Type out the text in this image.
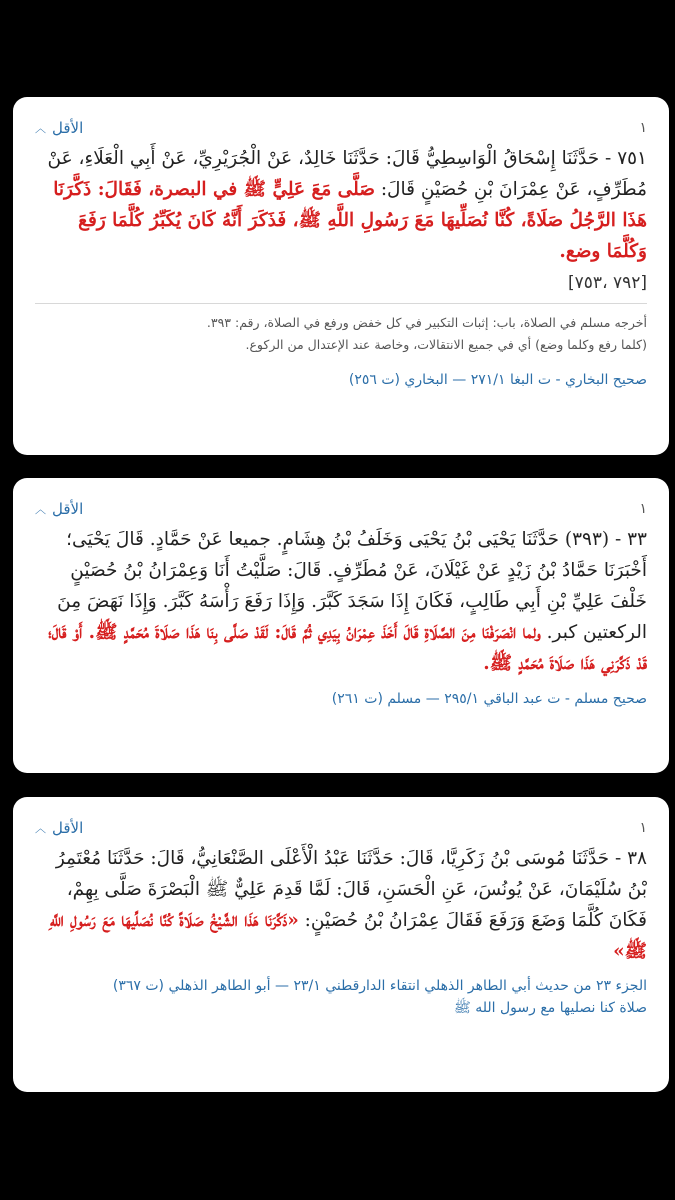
١
الأقل
︿

٧٥١ - حَدَّثَنَا إِسْحَاقُ الْوَاسِطِيُّ قَالَ: حَدَّثَنَا خَالِدٌ، عَنْ الْجُرَيْرِيِّ، عَنْ أَبِي الْعَلَاءِ، عَنْ مُطَرِّفٍ، عَنْ عِمْرَانَ بْنِ حُصَيْنٍ قَالَ: صَلَّى مَعَ عَلِيٍّ ﷺ في البصرة، فَقَالَ: ذَكَّرَنَا هَذَا الرَّجُلُ صَلَاةً، كُنَّا نُصَلِّيهَا مَعَ رَسُولِ اللَّهِ ﷺ، فَذَكَرَ أَنَّهُ كَانَ يُكَبِّرُ كُلَّمَا رَفَعَ وَكُلَّمَا وضع.

[٧٩٢ ،٧٥٣]
أخرجه مسلم في الصلاة، باب: إثبات التكبير في كل خفض ورفع في الصلاة، رقم: ٣٩٣.
(كلما رفع وكلما وضع) أي في جميع الانتقالات، وخاصة عند الإعتدال من الركوع.
صحيح البخاري - ت البغا ٢٧١/١ — البخاري (ت ٢٥٦)
١
الأقل
︿

٣٣ - (٣٩٣) حَدَّثَنَا يَحْيَى بْنُ يَحْيَى وَخَلَفُ بْنُ هِشَامٍ. جميعا عَنْ حَمَّادٍ. قَالَ يَحْيَى؛ أَخْبَرَنَا حَمَّادُ بْنُ زَيْدٍ عَنْ غَيْلَانَ، عَنْ مُطَرِّفٍ. قَالَ: صَلَّيْتُ أَنَا وَعِمْرَانُ بْنُ حُصَيْنٍ خَلْفَ عَلِيِّ بْنِ أَبِي طَالِبٍ، فَكَانَ إِذَا سَجَدَ كَبَّرَ. وَإِذَا رَفَعَ رَأْسَهُ كَبَّرَ. وَإِذَا نَهَضَ مِنَ الركعتين كبر. ولما انْصَرَفْنَا مِنَ الصَّلَاةِ قَالَ أَخَذَ عِمْرَانُ بِيَدِي ثُمَّ قَالَ: لَقَدْ صَلَّى بِنَا هَذَا صَلَاةَ مُحَمَّدٍ ﷺ. أَوْ قَالَ؛ قَدْ ذَكَّرَنِي هَذَا صَلَاةَ مُحَمَّدٍ ﷺ.

صحيح مسلم - ت عبد الباقي ٢٩٥/١ — مسلم (ت ٢٦١)
١
الأقل
︿

٣٨ - حَدَّثَنَا مُوسَى بْنُ زَكَرِيَّا، قَالَ: حَدَّثَنَا عَبْدُ الْأَعْلَى الصَّنْعَانِيُّ، قَالَ: حَدَّثَنَا مُعْتَمِرُ بْنُ سُلَيْمَانَ، عَنْ يُونُسَ، عَنِ الْحَسَنِ، قَالَ: لَمَّا قَدِمَ عَلِيٌّ ﷺ الْبَصْرَةَ صَلَّى بِهِمْ، فَكَانَ كُلَّمَا وَضَعَ وَرَفَعَ فَقَالَ عِمْرَانُ بْنُ حُصَيْنٍ: «ذَكَّرَنَا هَذَا الشَّيْخُ صَلَاةً كُنَّا نُصَلِّيهَا مَعَ رَسُولِ اللَّهِ ﷺ»

الجزء ٢٣ من حديث أبي الطاهر الذهلي انتقاء الدارقطني ٢٣/١ — أبو الطاهر الذهلي (ت ٣٦٧)
صلاة كنا نصليها مع رسول الله ﷺ
